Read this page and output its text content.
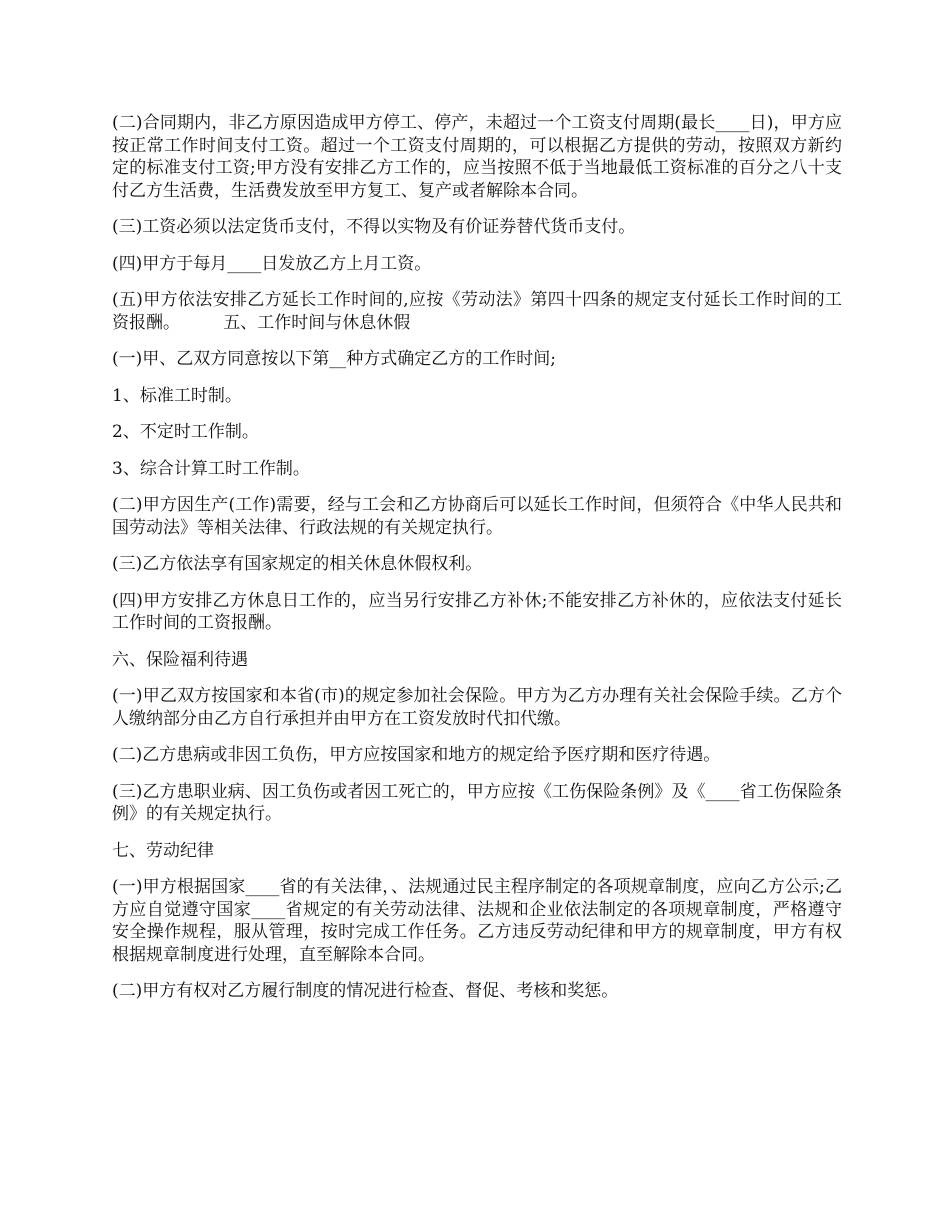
(二)合同期内，非乙方原因造成甲方停工、停产，未超过一个工资支付周期(最长____日)，甲方应按正常工作时间支付工资。超过一个工资支付周期的，可以根据乙方提供的劳动，按照双方新约定的标准支付工资;甲方没有安排乙方工作的，应当按照不低于当地最低工资标准的百分之八十支付乙方生活费，生活费发放至甲方复工、复产或者解除本合同。

(三)工资必须以法定货币支付，不得以实物及有价证券替代货币支付。

(四)甲方于每月____日发放乙方上月工资。

(五)甲方依法安排乙方延长工作时间的,应按《劳动法》第四十四条的规定支付延长工作时间的工资报酬。        五、工作时间与休息休假

(一)甲、乙双方同意按以下第__种方式确定乙方的工作时间;

1、标准工时制。

2、不定时工作制。

3、综合计算工时工作制。

(二)甲方因生产(工作)需要，经与工会和乙方协商后可以延长工作时间，但须符合《中华人民共和国劳动法》等相关法律、行政法规的有关规定执行。

(三)乙方依法享有国家规定的相关休息休假权利。

(四)甲方安排乙方休息日工作的，应当另行安排乙方补休;不能安排乙方补休的，应依法支付延长工作时间的工资报酬。

六、保险福利待遇

(一)甲乙双方按国家和本省(市)的规定参加社会保险。甲方为乙方办理有关社会保险手续。乙方个人缴纳部分由乙方自行承担并由甲方在工资发放时代扣代缴。

(二)乙方患病或非因工负伤，甲方应按国家和地方的规定给予医疗期和医疗待遇。

(三)乙方患职业病、因工负伤或者因工死亡的，甲方应按《工伤保险条例》及《____省工伤保险条例》的有关规定执行。

七、劳动纪律

(一)甲方根据国家____省的有关法律，、法规通过民主程序制定的各项规章制度，应向乙方公示;乙方应自觉遵守国家____省规定的有关劳动法律、法规和企业依法制定的各项规章制度，严格遵守安全操作规程，服从管理，按时完成工作任务。乙方违反劳动纪律和甲方的规章制度，甲方有权根据规章制度进行处理，直至解除本合同。

(二)甲方有权对乙方履行制度的情况进行检查、督促、考核和奖惩。
